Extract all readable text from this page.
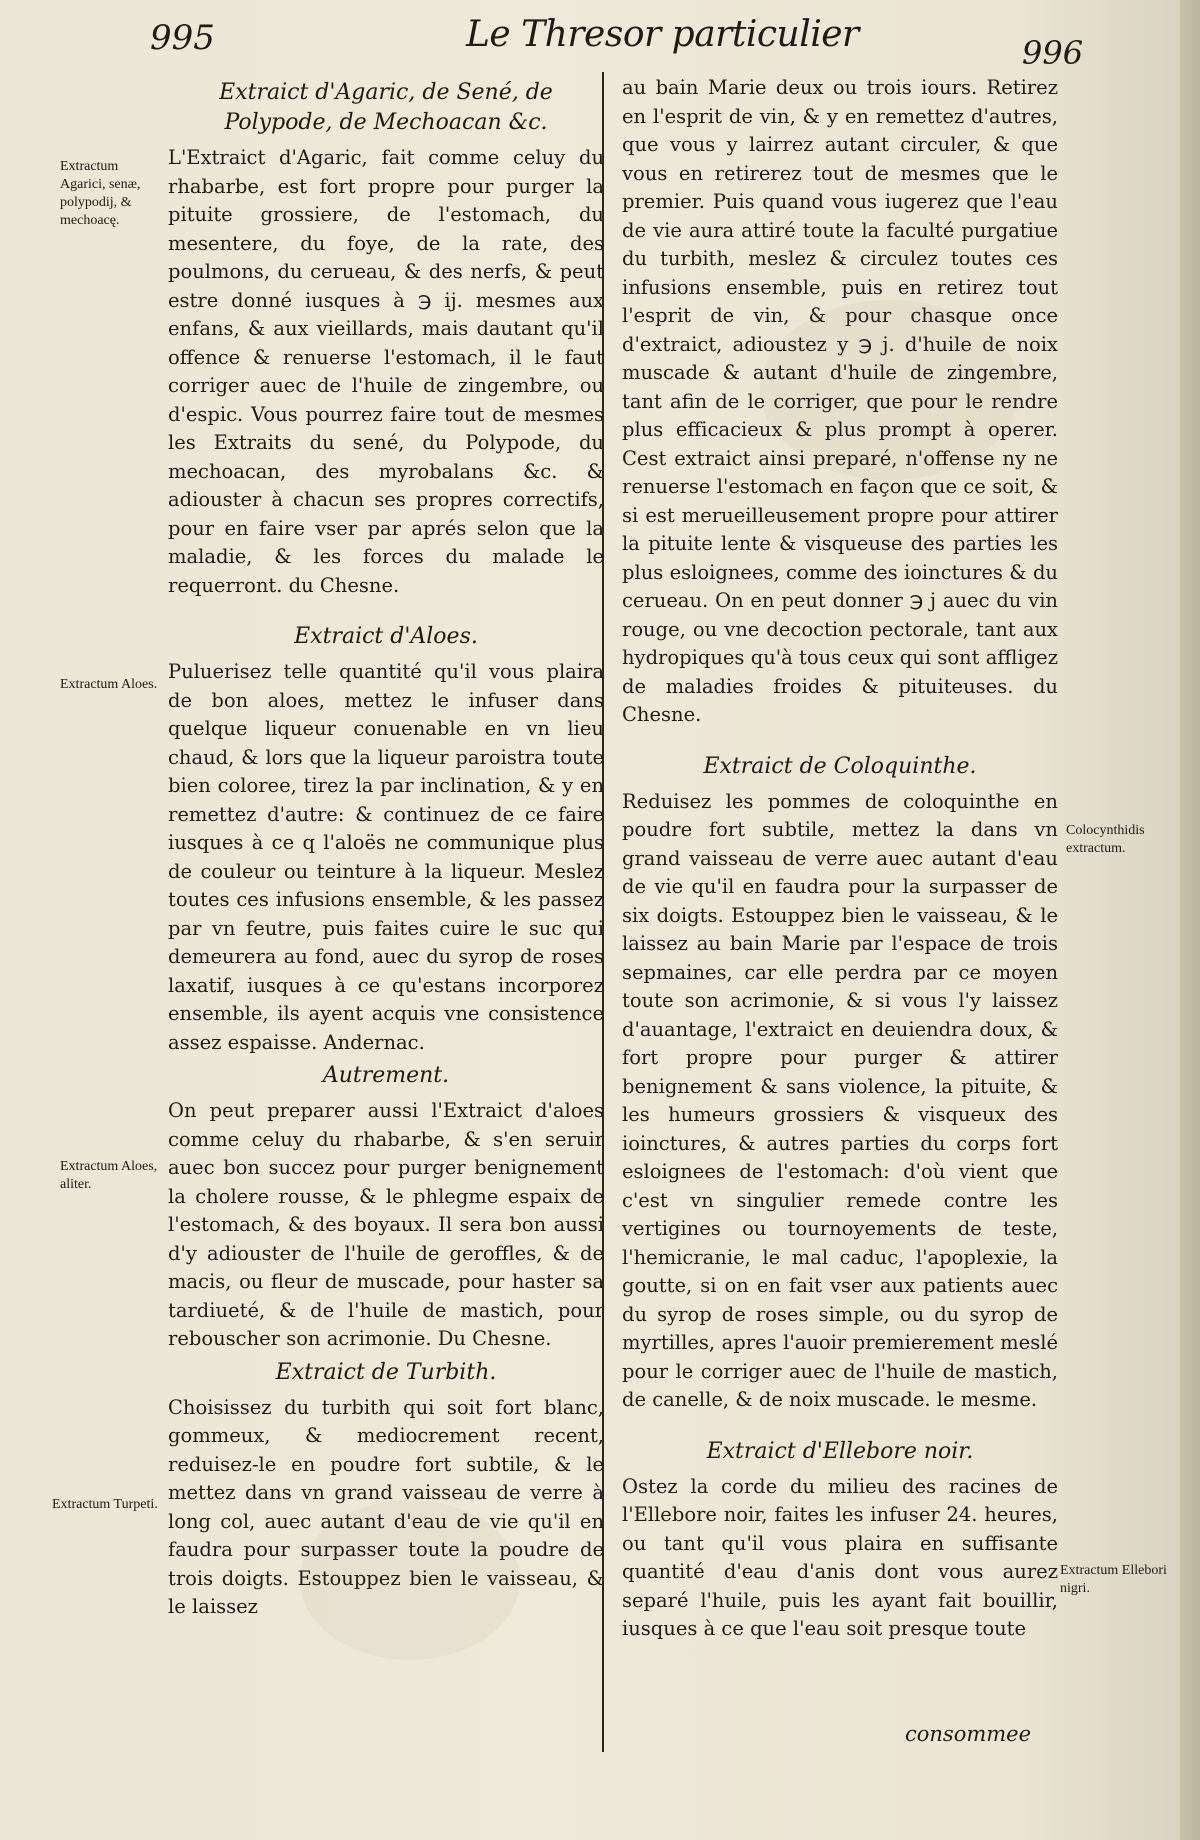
995	Le Thresor particulier	996
Extraict d'Agaric, de Sené, de Polypode, de Mechoacan &c.

L'Extraict d'Agaric, fait comme celuy du rhabarbe, est fort propre pour purger la pituite grossiere, de l'estomach, du mesentere, du foye, de la rate, des poulmons, du cerueau, & des nerfs, & peut estre donné iusques à ℈ ij. mesmes aux enfans, & aux vieillards, mais dautant qu'il offence & renuerse l'estomach, il le faut corriger auec de l'huile de zingembre, ou d'espic. Vous pourrez faire tout de mesmes les Extraits du sené, du Polypode, du mechoacan, des myrobalans &c. & adiouster à chacun ses propres correctifs, pour en faire vser par aprés selon que la maladie, & les forces du malade le requerront. du Chesne.

Extraict d'Aloes.

Puluerisez telle quantité qu'il vous plaira de bon aloes, mettez le infuser dans quelque liqueur conuenable en vn lieu chaud, & lors que la liqueur paroistra toute bien coloree, tirez la par inclination, & y en remettez d'autre: & continuez de ce faire iusques à ce q l'aloës ne communique plus de couleur ou teinture à la liqueur. Meslez toutes ces infusions ensemble, & les passez par vn feutre, puis faites cuire le suc qui demeurera au fond, auec du syrop de roses laxatif, iusques à ce qu'estans incorporez ensemble, ils ayent acquis vne consistence assez espaisse. Andernac.

Autrement.

On peut preparer aussi l'Extraict d'aloes comme celuy du rhabarbe, & s'en seruir auec bon succez pour purger benignement la cholere rousse, & le phlegme espaix de l'estomach, & des boyaux. Il sera bon aussi d'y adiouster de l'huile de geroffles, & de macis, ou fleur de muscade, pour haster sa tardiueté, & de l'huile de mastich, pour rebouscher son acrimonie. Du Chesne.

Extraict de Turbith.

Choisissez du turbith qui soit fort blanc, gommeux, & mediocrement recent, reduisez-le en poudre fort subtile, & le mettez dans vn grand vaisseau de verre à long col, auec autant d'eau de vie qu'il en faudra pour surpasser toute la poudre de trois doigts. Estouppez bien le vaisseau, & le laissez

au bain Marie deux ou trois iours. Retirez en l'esprit de vin, & y en remettez d'autres, que vous y lairrez autant circuler, & que vous en retirerez tout de mesmes que le premier. Puis quand vous iugerez que l'eau de vie aura attiré toute la faculté purgatiue du turbith, meslez & circulez toutes ces infusions ensemble, puis en retirez tout l'esprit de vin, & pour chasque once d'extraict, adioustez y ℈ j. d'huile de noix muscade & autant d'huile de zingembre, tant afin de le corriger, que pour le rendre plus efficacieux & plus prompt à operer. Cest extraict ainsi preparé, n'offense ny ne renuerse l'estomach en façon que ce soit, & si est merueilleusement propre pour attirer la pituite lente & visqueuse des parties les plus esloignees, comme des ioinctures & du cerueau. On en peut donner ℈ j auec du vin rouge, ou vne decoction pectorale, tant aux hydropiques qu'à tous ceux qui sont affligez de maladies froides & pituiteuses. du Chesne.

Extraict de Coloquinthe.

Reduisez les pommes de coloquinthe en poudre fort subtile, mettez la dans vn grand vaisseau de verre auec autant d'eau de vie qu'il en faudra pour la surpasser de six doigts. Estouppez bien le vaisseau, & le laissez au bain Marie par l'espace de trois sepmaines, car elle perdra par ce moyen toute son acrimonie, & si vous l'y laissez d'auantage, l'extraict en deuiendra doux, & fort propre pour purger & attirer benignement & sans violence, la pituite, & les humeurs grossiers & visqueux des ioinctures, & autres parties du corps fort esloignees de l'estomach: d'où vient que c'est vn singulier remede contre les vertigines ou tournoyements de teste, l'hemicranie, le mal caduc, l'apoplexie, la goutte, si on en fait vser aux patients auec du syrop de roses simple, ou du syrop de myrtilles, apres l'auoir premierement meslé pour le corriger auec de l'huile de mastich, de canelle, & de noix muscade. le mesme.

Extraict d'Ellebore noir.

Ostez la corde du milieu des racines de l'Ellebore noir, faites les infuser 24. heures, ou tant qu'il vous plaira en suffisante quantité d'eau d'anis dont vous aurez separé l'huile, puis les ayant fait bouillir, iusques à ce que l'eau soit presque toute

consommee
Extractum Agarici, senæ, polypodij, & mechoacę.
Extractum Aloes.
Extractum Aloes, aliter.
Extractum Turpeti.
Colocynthidis extractum.
Extractum Ellebori nigri.
